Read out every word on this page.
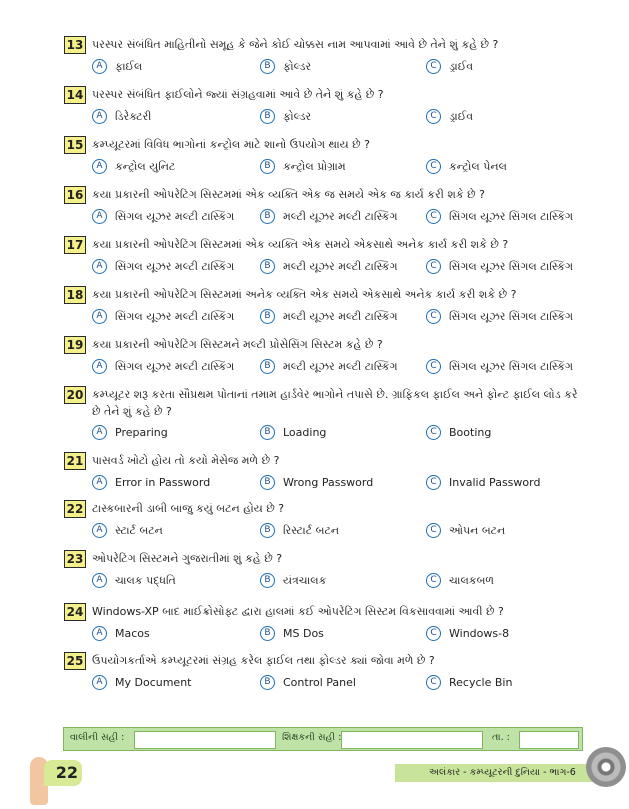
13 પરસ્પર સંબંધિત માહિતીનો સમૂહ કે જેને કોઈ ચોક્કસ નામ આપવામાં આવે છે તેને શું કહે છે ?
A	ફાઈલ	B	ફોલ્ડર	C	ડ્રાઈવ
14 પરસ્પર સંબંધિત ફાઈલોને જ્યાં સંગ્રહવામાં આવે છે તેને શું કહે છે ?
A	ડિરેક્ટરી	B	ફોલ્ડર	C	ડ્રાઈવ
15 કમ્પ્યૂટરમાં વિવિધ ભાગોનાં કન્ટ્રોલ માટે શાનો ઉપયોગ થાય છે ?
A	કન્ટ્રોલ યુનિટ	B	કન્ટ્રોલ પ્રોગ્રામ	C	કન્ટ્રોલ પેનલ
16 કયા પ્રકારની ઓપરેટિંગ સિસ્ટમમાં એક વ્યક્તિ એક જ સમયે એક જ કાર્ય કરી શકે છે ?
A	સિંગલ યૂઝર મલ્ટી ટાસ્કિંગ	B	મલ્ટી યૂઝર મલ્ટી ટાસ્કિંગ	C	સિંગલ યૂઝર સિંગલ ટાસ્કિંગ
17 કયા પ્રકારની ઓપરેટિંગ સિસ્ટમમાં એક વ્યક્તિ એક સમયે એકસાથે અનેક કાર્ય કરી શકે છે ?
A	સિંગલ યૂઝર મલ્ટી ટાસ્કિંગ	B	મલ્ટી યૂઝર મલ્ટી ટાસ્કિંગ	C	સિંગલ યૂઝર સિંગલ ટાસ્કિંગ
18 કયા પ્રકારની ઓપરેટિંગ સિસ્ટમમાં અનેક વ્યક્તિ એક સમયે એકસાથે અનેક કાર્ય કરી શકે છે ?
A	સિંગલ યૂઝર મલ્ટી ટાસ્કિંગ	B	મલ્ટી યૂઝર મલ્ટી ટાસ્કિંગ	C	સિંગલ યૂઝર સિંગલ ટાસ્કિંગ
19 કયા પ્રકારની ઓપરેટિંગ સિસ્ટમને મલ્ટી પ્રોસેસિંગ સિસ્ટમ કહે છે ?
A	સિંગલ યૂઝર મલ્ટી ટાસ્કિંગ	B	મલ્ટી યૂઝર મલ્ટી ટાસ્કિંગ	C	સિંગલ યૂઝર સિંગલ ટાસ્કિંગ
20 કમ્પ્યૂટર શરૂ કરતા સૌપ્રથમ પોતાનાં તમામ હાર્ડવેર ભાગોને તપાસે છે. ગ્રાફિકલ ફાઈલ અને ફોન્ટ ફાઈલ લોડ કરે છે તેને શું કહે છે ?
A	Preparing	B	Loading	C	Booting
21 પાસવર્ડ ખોટો હોય તો કયો મેસેજ મળે છે ?
A	Error in Password	B	Wrong Password	C	Invalid Password
22 ટાસ્કબારની ડાબી બાજુ કયું બટન હોય છે ?
A	સ્ટાર્ટ બટન	B	રિસ્ટાર્ટ બટન	C	ઓપન બટન
23 ઓપરેટિંગ સિસ્ટમને ગુજરાતીમાં શું કહે છે ?
A	ચાલક પદ્ધતિ	B	યંત્રચાલક	C	ચાલકબળ
24 Windows-XP બાદ માઈક્રોસોફ્ટ દ્વારા હાલમાં કઈ ઓપરેટિંગ સિસ્ટમ વિકસાવવામાં આવી છે ?
A	Macos	B	MS Dos	C	Windows-8
25 ઉપયોગકર્તાએ કમ્પ્યૂટરમાં સંગ્રહ કરેલ ફાઈલ તથા ફોલ્ડર ક્યાં જોવા મળે છે ?
A	My Document	B	Control Panel	C	Recycle Bin
વાલીની સહી :	શિક્ષકની સહી :	તા. :
22	અલંકાર - કમ્પ્યૂટરની દુનિયા - ભાગ-6
